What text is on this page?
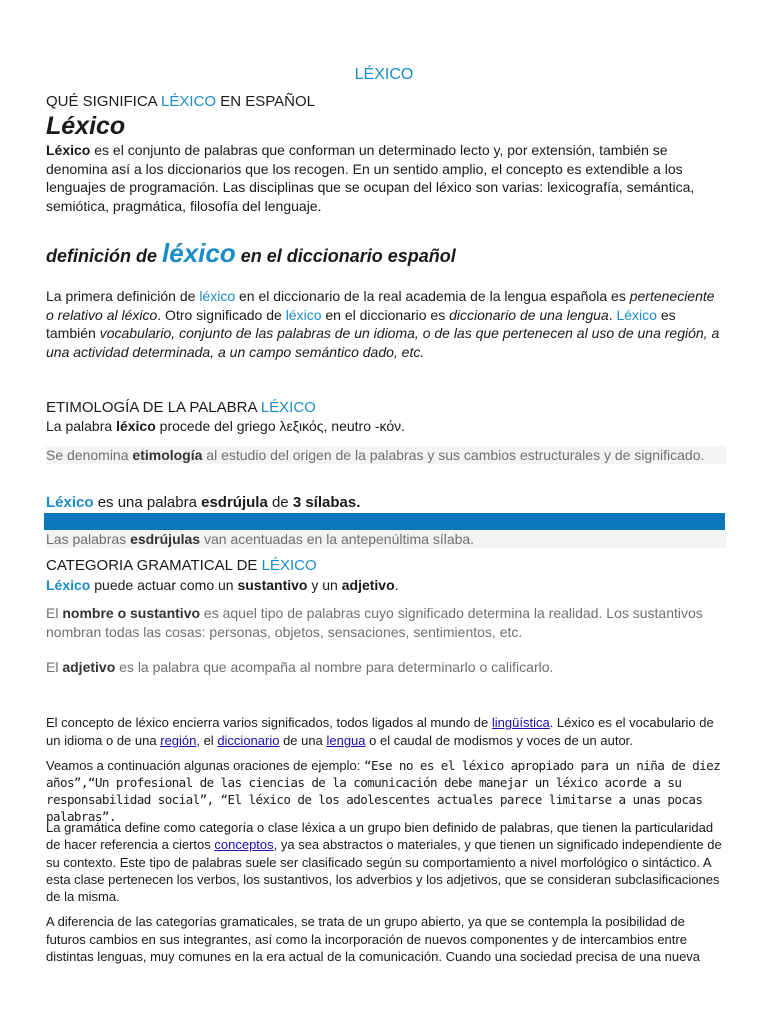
LÉXICO

QUÉ SIGNIFICA LÉXICO EN ESPAÑOL

Léxico

Léxico es el conjunto de palabras que conforman un determinado lecto y, por extensión, también se denomina así a los diccionarios que los recogen. En un sentido amplio, el concepto es extendible a los lenguajes de programación. Las disciplinas que se ocupan del léxico son varias: lexicografía, semántica, semiótica, pragmática, filosofía del lenguaje.

definición de léxico en el diccionario español

La primera definición de léxico en el diccionario de la real academia de la lengua española es perteneciente o relativo al léxico. Otro significado de léxico en el diccionario es diccionario de una lengua. Léxico es también vocabulario, conjunto de las palabras de un idioma, o de las que pertenecen al uso de una región, a una actividad determinada, a un campo semántico dado, etc.

ETIMOLOGÍA DE LA PALABRA LÉXICO

La palabra léxico procede del griego λεξικός, neutro -κόν.

Se denomina etimología al estudio del origen de la palabras y sus cambios estructurales y de significado.

Léxico es una palabra esdrújula de 3 sílabas.

Las palabras esdrújulas van acentuadas en la antepenúltima sílaba.

CATEGORIA GRAMATICAL DE LÉXICO

Léxico puede actuar como un sustantivo y un adjetivo.

El nombre o sustantivo es aquel tipo de palabras cuyo significado determina la realidad. Los sustantivos nombran todas las cosas: personas, objetos, sensaciones, sentimientos, etc.

El adjetivo es la palabra que acompaña al nombre para determinarlo o calificarlo.

El concepto de léxico encierra varios significados, todos ligados al mundo de lingüística. Léxico es el vocabulario de un idioma o de una región, el diccionario de una lengua o el caudal de modismos y voces de un autor.

Veamos a continuación algunas oraciones de ejemplo: “Ese no es el léxico apropiado para un niña de diez años”,“Un profesional de las ciencias de la comunicación debe manejar un léxico acorde a su responsabilidad social”, “El léxico de los adolescentes actuales parece limitarse a unas pocas palabras”.

La gramática define como categoría o clase léxica a un grupo bien definido de palabras, que tienen la particularidad de hacer referencia a ciertos conceptos, ya sea abstractos o materiales, y que tienen un significado independiente de su contexto. Este tipo de palabras suele ser clasificado según su comportamiento a nivel morfológico o sintáctico. A esta clase pertenecen los verbos, los sustantivos, los adverbios y los adjetivos, que se consideran subclasificaciones de la misma.

A diferencia de las categorías gramaticales, se trata de un grupo abierto, ya que se contempla la posibilidad de futuros cambios en sus integrantes, así como la incorporación de nuevos componentes y de intercambios entre distintas lenguas, muy comunes en la era actual de la comunicación. Cuando una sociedad precisa de una nueva
